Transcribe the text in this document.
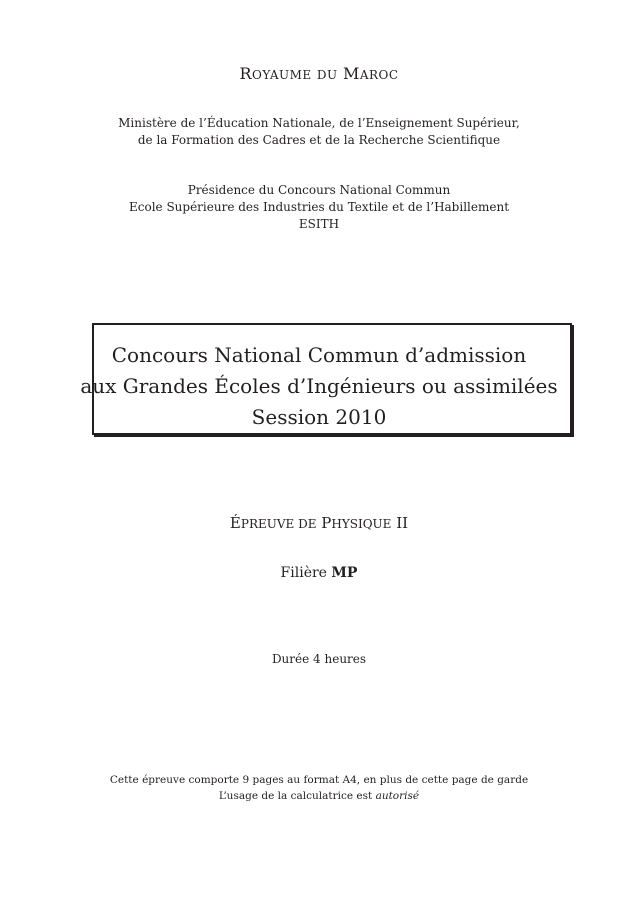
ROYAUME DU MAROC
Ministère de l’Éducation Nationale, de l’Enseignement Supérieur,
de la Formation des Cadres et de la Recherche Scientifique
Présidence du Concours National Commun
Ecole Supérieure des Industries du Textile et de l’Habillement
ESITH
Concours National Commun d’admission
aux Grandes Écoles d’Ingénieurs ou assimilées
Session 2010
ÉPREUVE DE PHYSIQUE II
Filière MP
Durée 4 heures
Cette épreuve comporte 9 pages au format A4, en plus de cette page de garde
L’usage de la calculatrice est autorisé
